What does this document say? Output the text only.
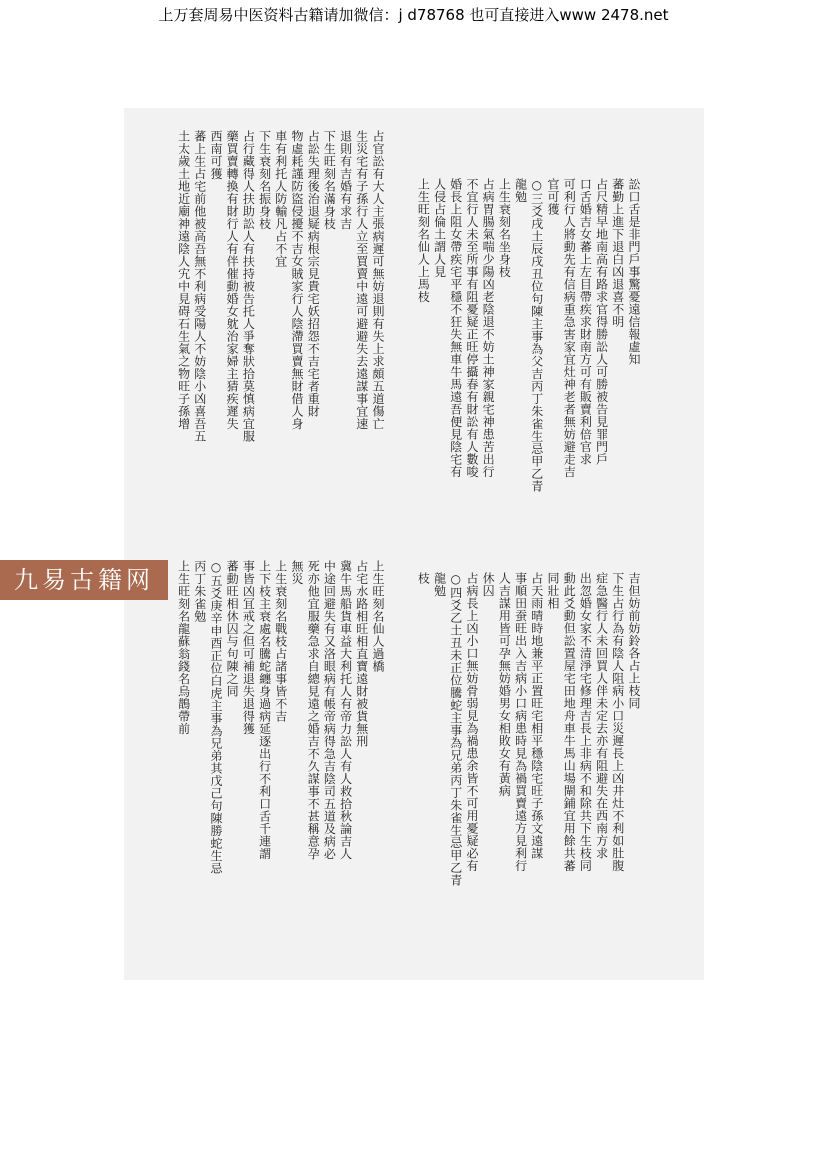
上万套周易中医资料古籍请加微信：j d78768 也可直接进入www 2478.net
訟口舌是非門戶事驚憂遠信報虛知
蕃勤上進下退白凶退喜不明
占尺精早地南高有路求官得勝訟人可勝被告見罪門戶
口舌婚吉女蕃上左目帶疾求財南方可有販賣利倍官求
可利行人將動先有信病重急害家宜灶神老者無妨避走吉
官可獲
○三爻戌土辰戌丑位句陳主事為父吉丙丁朱雀生忌甲乙青
龍勉
上生衰刻名坐身枝
占病胃腸氣喘少陽凶老陰退不妨土神家親宅神患苦出行
不宜行人未至所事有阻憂疑正旺停攝春有財訟有人數唆
婚長上阻女帶疾宅平穩不狂失無車牛馬遠吾便見陰宅有
人侵占倫土謂人見
上生旺刻名仙人上馬枝
占官訟有大人主張病遲可無妨退則有失上求頗五道傷亡
生災宅有子孫行人立至買賣中遠可避避失去遠謀事宜速
退則有吉婚有求吉
下生旺刻名滿身枝
占訟失理後治退疑病根宗見貴宅妖招怨不吉宅者重財
物虛耗謹防盜侵擾不吉女賊家行人陰滯買賣無財借人身
車有利托人防輸凡占不宜
下生衰刻名振身枝
占行藏得人扶助訟人有扶持被告托人爭奪狀拾莫慎病宜服
藥買賣轉換有財行人有伴催動婚女躭治家婦主猜疾遲失
西南可獲
蕃上生占宅前他被高吾無不利病受陽人不妨陰小凶喜吾五
土太歲土地近廟神遠陰人宄中見碍石生氣之物旺子孫增
吉但妨前妨鈴各占上枝同
下生占行為有陰人阻病小口災遲長上凶井灶不利如肚腹
症急醫行人未回買人伴未定去亦有阻避失在西南方求
出忽婚女家不清淨宅修理吉長上非病不和除共下生枝同
動此爻動但訟置屋宅田地舟車牛馬山場閘鋪宜用餘共蕃
同壯相
占天雨晴時地兼平正置旺宅相平穩陰宅旺子孫文遠謀
事順田蚕旺出入吉病小口病患時見為禍買賣遠方見利行
人吉謀用皆可孕無妨婚男女相敗女有黃病
休囚
占病長上凶小口無妨骨弱見為禍患余皆不可用憂疑必有
○四爻乙土丑未正位騰蛇主事為兄弟丙丁朱雀生忌甲乙青
龍勉
枝
上生旺刻名仙人過橋
占宅水路相旺相直寶遠財被貨無刑
冀牛馬船貨車益大利托人有帝力訟人有人救拾秋論吉人
中途回避失有又洛眼病有帳帝病得急吉陰司五道及病必
死亦他宜服藥急求自總見遠之婚吉不久謀事不甚稱意孕
無災
上生衰刻名戰枝占諸事皆不吉
上下枝主衰處名騰蛇纏身過病延逐出行不利口舌千連謂
事皆凶冝戒之但可補退失退得獲
蕃動旺相休囚与句陳之同
○五爻庚辛申酉正位白虎主事為兄弟其戊己句陳勝蛇生忌
丙丁朱雀勉
上生旺刻名龍蘇翁錢名烏鵲帶前
九易古籍网
